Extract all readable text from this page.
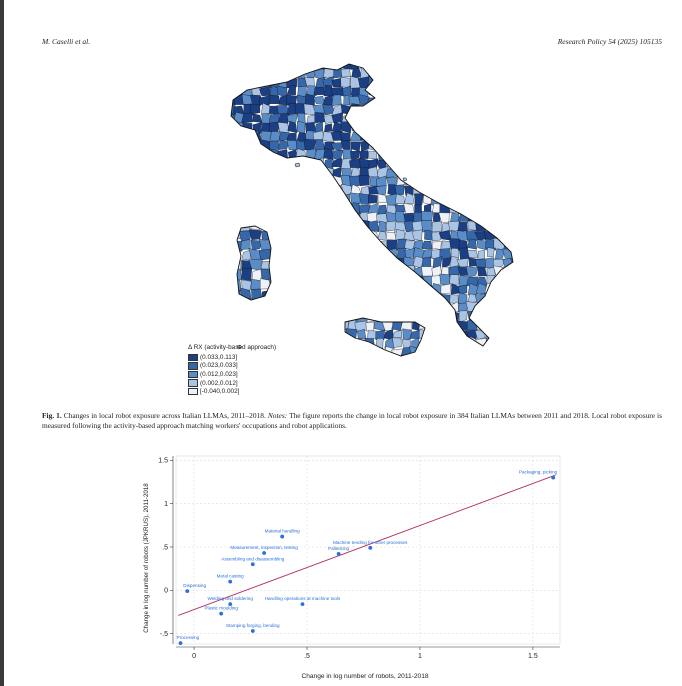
M. Caselli et al.	Research Policy 54 (2025) 105135
Δ RX (activity-based approach)
(0.033,0.113]
(0.023,0.033]
(0.012,0.023]
(0.002,0.012]
[-0.040,0.002]
Fig. 1. Changes in local robot exposure across Italian LLMAs, 2011–2018. Notes: The figure reports the change in local robot exposure in 384 Italian LLMAs between 2011 and 2018. Local robot exposure is measured following the activity-based approach matching workers' occupations and robot applications.
0	.5	1	1.5
-.5
0
.5
1
1.5
Packaging, picking
Material handling
Measurement, inspection, testing
Machine tending for other processes
Palletizing
Assembling and disassembling
Metal casting
Dispensing
Welding and soldering	Handling operations at machine tools
Plastic moulding
Stamping forging, bending
Processing
Change in log number of robots, 2011-2018
Change in log number of robots (JPKRUS), 2011-2018
